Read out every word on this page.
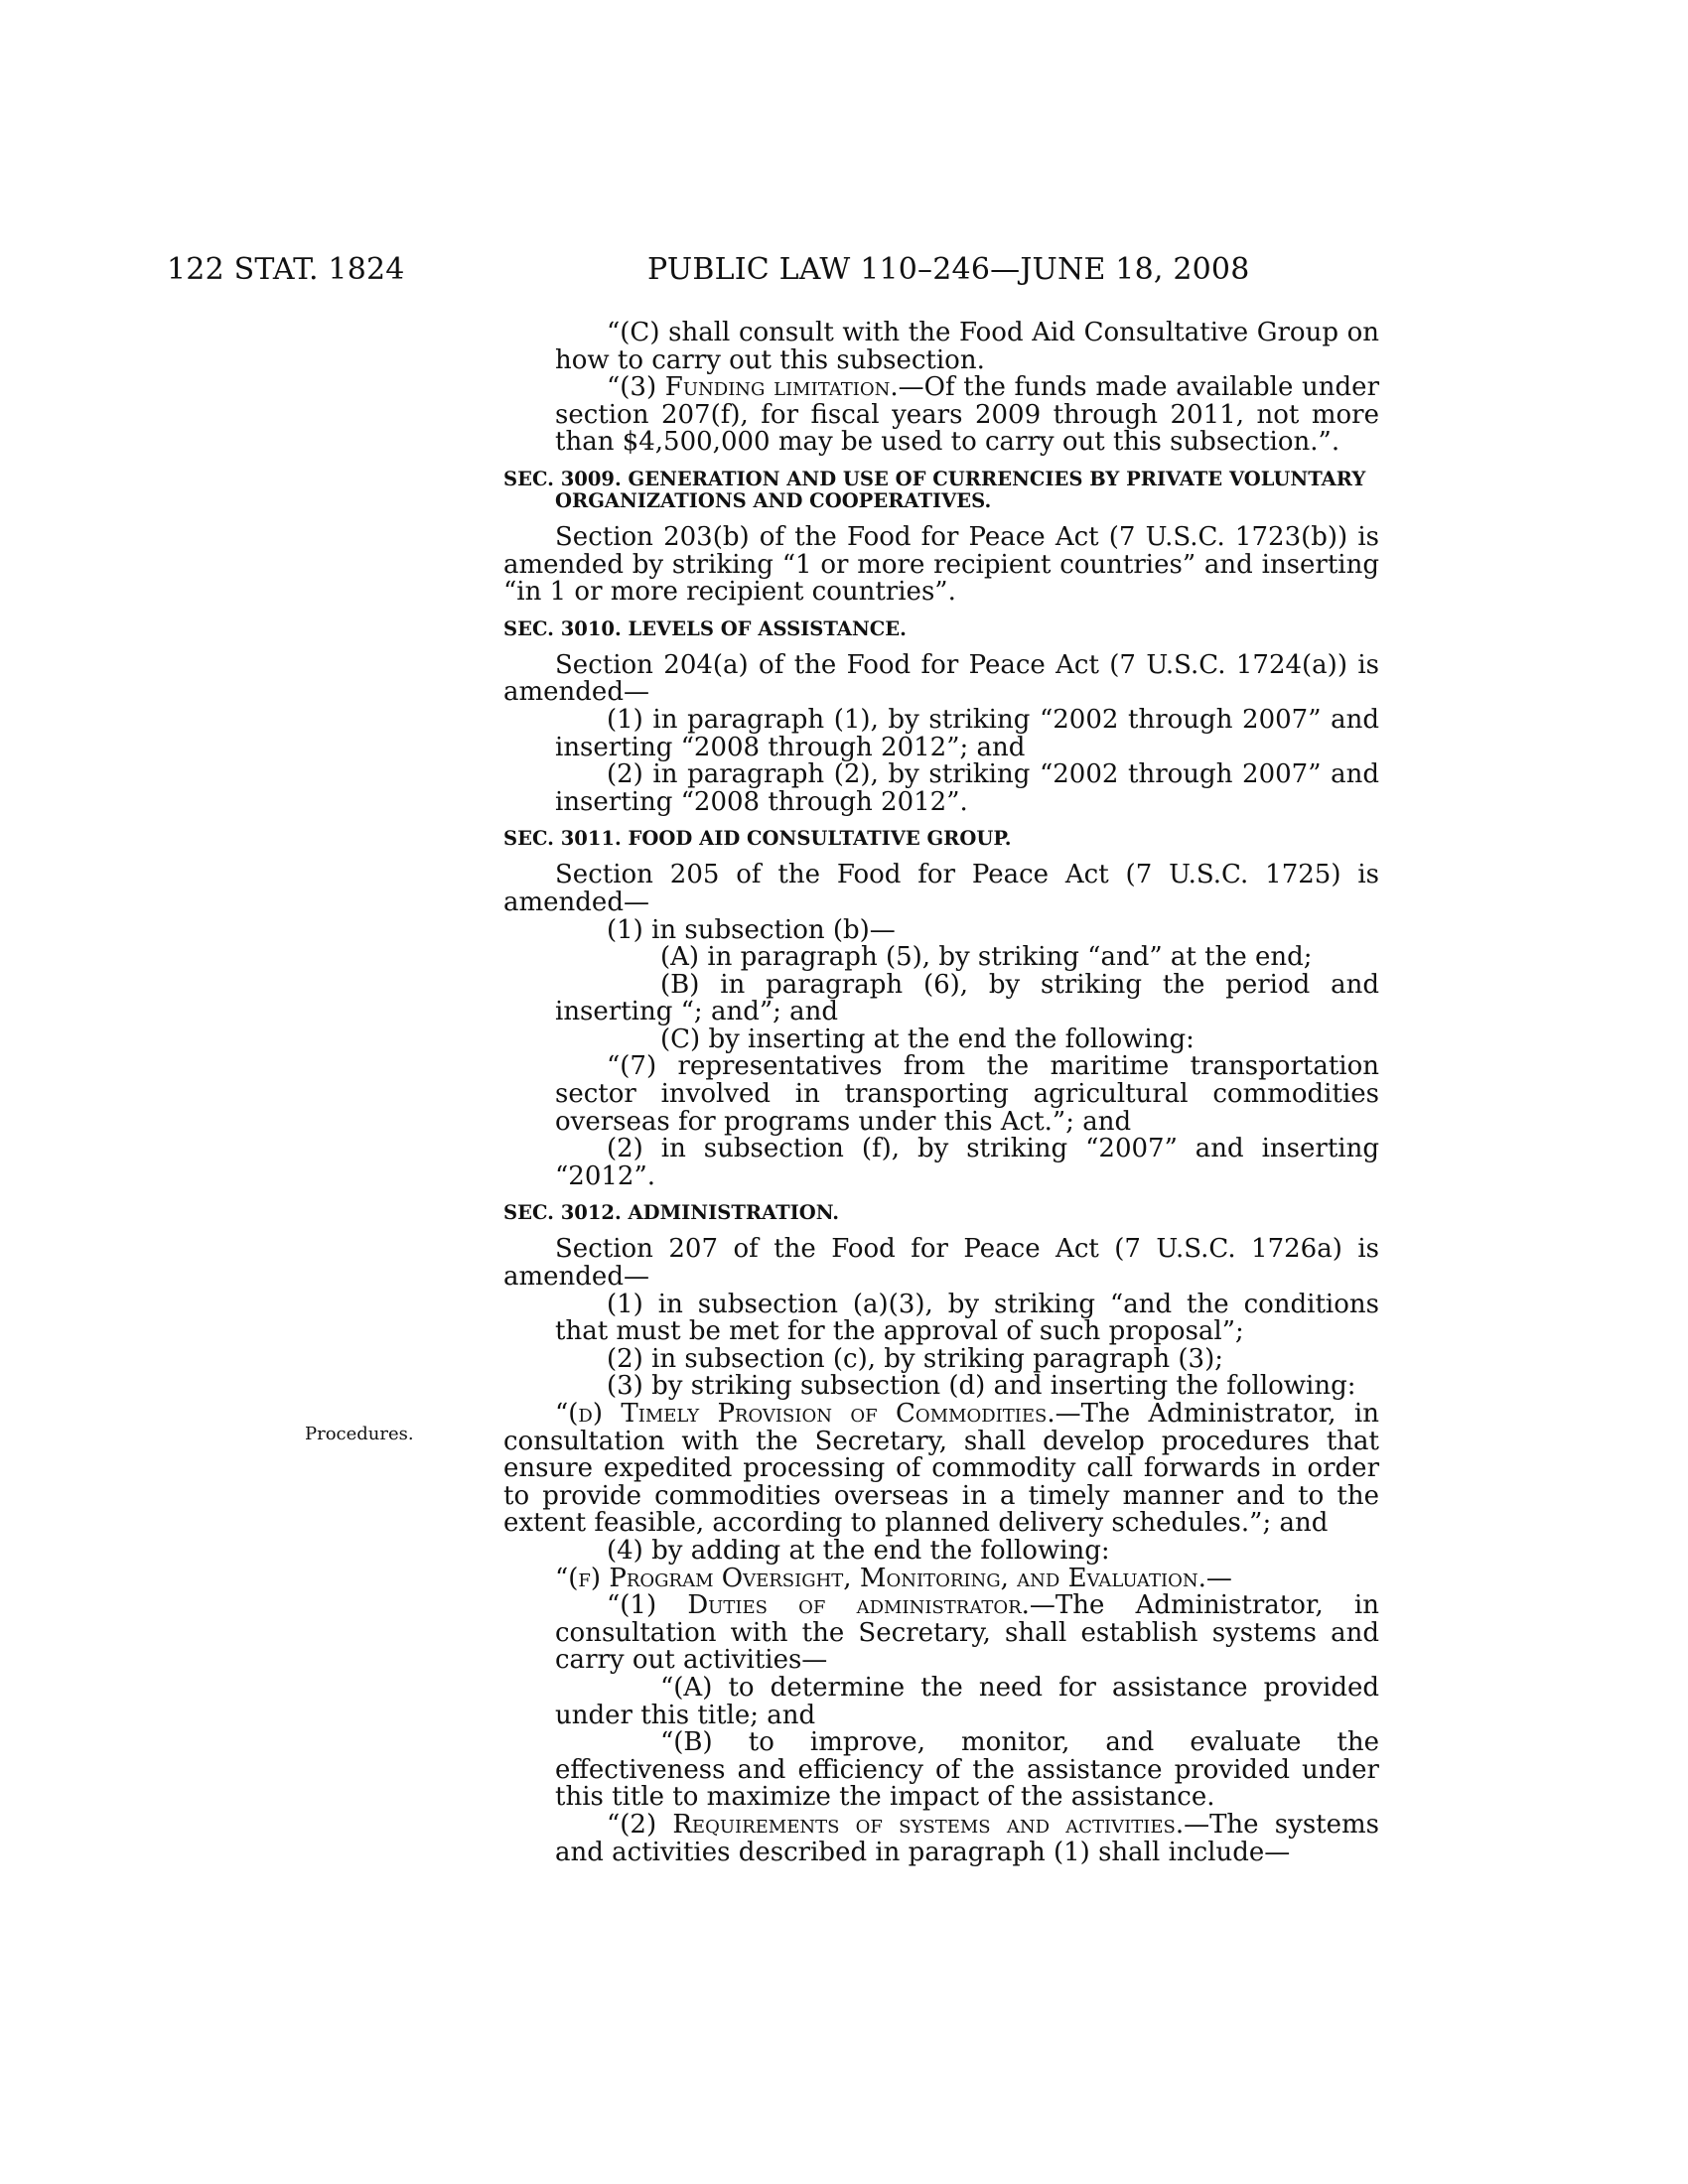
122 STAT. 1824	PUBLIC LAW 110–246—JUNE 18, 2008
Procedures.

“(C) shall consult with the Food Aid Consultative Group on how to carry out this subsection.

“(3) Funding limitation.—Of the funds made available under section 207(f), for fiscal years 2009 through 2011, not more than $4,500,000 may be used to carry out this subsection.”.

SEC. 3009. GENERATION AND USE OF CURRENCIES BY PRIVATE VOLUNTARY ORGANIZATIONS AND COOPERATIVES.

Section 203(b) of the Food for Peace Act (7 U.S.C. 1723(b)) is amended by striking “1 or more recipient countries” and inserting “in 1 or more recipient countries”.

SEC. 3010. LEVELS OF ASSISTANCE.

Section 204(a) of the Food for Peace Act (7 U.S.C. 1724(a)) is amended—

(1) in paragraph (1), by striking “2002 through 2007” and inserting “2008 through 2012”; and

(2) in paragraph (2), by striking “2002 through 2007” and inserting “2008 through 2012”.

SEC. 3011. FOOD AID CONSULTATIVE GROUP.

Section 205 of the Food for Peace Act (7 U.S.C. 1725) is amended—

(1) in subsection (b)—

(A) in paragraph (5), by striking “and” at the end;

(B) in paragraph (6), by striking the period and inserting “; and”; and

(C) by inserting at the end the following:

“(7) representatives from the maritime transportation sector involved in transporting agricultural commodities overseas for programs under this Act.”; and

(2) in subsection (f), by striking “2007” and inserting “2012”.

SEC. 3012. ADMINISTRATION.

Section 207 of the Food for Peace Act (7 U.S.C. 1726a) is amended—

(1) in subsection (a)(3), by striking “and the conditions that must be met for the approval of such proposal”;

(2) in subsection (c), by striking paragraph (3);

(3) by striking subsection (d) and inserting the following:

“(d) Timely Provision of Commodities.—The Administrator, in consultation with the Secretary, shall develop procedures that ensure expedited processing of commodity call forwards in order to provide commodities overseas in a timely manner and to the extent feasible, according to planned delivery schedules.”; and

(4) by adding at the end the following:

“(f) Program Oversight, Monitoring, and Evaluation.—

“(1) Duties of administrator.—The Administrator, in consultation with the Secretary, shall establish systems and carry out activities—

“(A) to determine the need for assistance provided under this title; and

“(B) to improve, monitor, and evaluate the effectiveness and efficiency of the assistance provided under this title to maximize the impact of the assistance.

“(2) Requirements of systems and activities.—The systems and activities described in paragraph (1) shall include—
